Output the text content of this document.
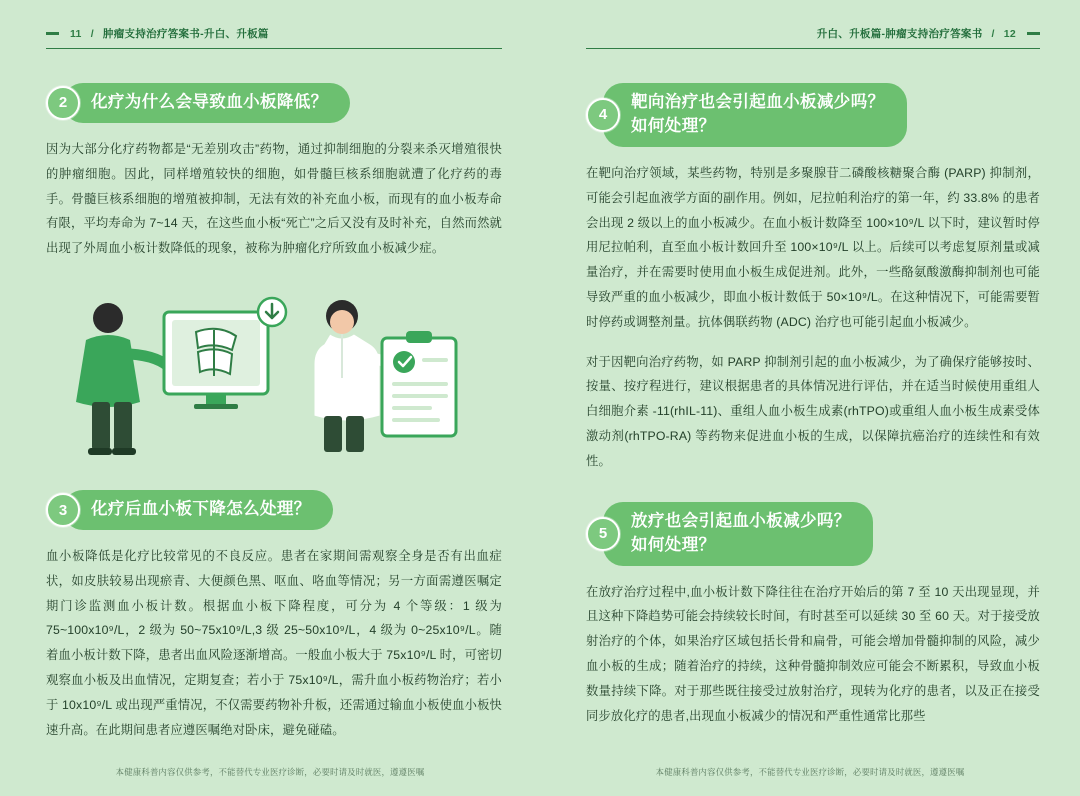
11 / 肿瘤支持治疗答案书-升白、升板篇
2	化疗为什么会导致血小板降低？

因为大部分化疗药物都是“无差别攻击”药物，通过抑制细胞的分裂来杀灭增殖很快的肿瘤细胞。因此，同样增殖较快的细胞，如骨髓巨核系细胞就遭了化疗药的毒手。骨髓巨核系细胞的增殖被抑制，无法有效的补充血小板，而现有的血小板寿命有限，平均寿命为 7~14 天，在这些血小板“死亡”之后又没有及时补充，自然而然就出现了外周血小板计数降低的现象，被称为肿瘤化疗所致血小板减少症。

3	化疗后血小板下降怎么处理？

血小板降低是化疗比较常见的不良反应。患者在家期间需观察全身是否有出血症状，如皮肤较易出现瘀青、大便颜色黑、呕血、咯血等情况；另一方面需遵医嘱定期门诊监测血小板计数。根据血小板下降程度，可分为 4 个等级：1 级为 75~100x10⁹/L，2 级为 50~75x10⁹/L,3 级 25~50x10⁹/L，4 级为 0~25x10⁹/L。随着血小板计数下降，患者出血风险逐渐增高。一般血小板大于 75x10⁹/L 时，可密切观察血小板及出血情况，定期复查；若小于 75x10⁹/L，需升血小板药物治疗；若小于 10x10⁹/L 或出现严重情况，不仅需要药物补升板，还需通过输血小板使血小板快速升高。在此期间患者应遵医嘱绝对卧床，避免碰磕。

本健康科普内容仅供参考，不能替代专业医疗诊断，必要时请及时就医，遵遵医嘱
升白、升板篇-肿瘤支持治疗答案书 / 12
4
靶向治疗也会引起血小板减少吗？
如何处理？

在靶向治疗领域，某些药物，特别是多聚腺苷二磷酸核糖聚合酶 (PARP) 抑制剂，可能会引起血液学方面的副作用。例如，尼拉帕利治疗的第一年，约 33.8% 的患者会出现 2 级以上的血小板减少。在血小板计数降至 100×10⁹/L 以下时，建议暂时停用尼拉帕利，直至血小板计数回升至 100×10⁹/L 以上。后续可以考虑复原剂量或减量治疗，并在需要时使用血小板生成促进剂。此外，一些酪氨酸激酶抑制剂也可能导致严重的血小板减少，即血小板计数低于 50×10⁹/L。在这种情况下，可能需要暂时停药或调整剂量。抗体偶联药物 (ADC) 治疗也可能引起血小板减少。

对于因靶向治疗药物，如 PARP 抑制剂引起的血小板减少，为了确保疗能够按时、按量、按疗程进行，建议根据患者的具体情况进行评估，并在适当时候使用重组人白细胞介素 -11(rhIL-11)、重组人血小板生成素(rhTPO)或重组人血小板生成素受体激动剂(rhTPO-RA) 等药物来促进血小板的生成，以保障抗癌治疗的连续性和有效性。

5
放疗也会引起血小板减少吗？
如何处理？

在放疗治疗过程中,血小板计数下降往往在治疗开始后的第 7 至 10 天出现显现，并且这种下降趋势可能会持续较长时间，有时甚至可以延续 30 至 60 天。对于接受放射治疗的个体，如果治疗区域包括长骨和扁骨，可能会增加骨髓抑制的风险，减少血小板的生成；随着治疗的持续，这种骨髓抑制效应可能会不断累积，导致血小板数量持续下降。对于那些既往接受过放射治疗，现转为化疗的患者，以及正在接受同步放化疗的患者,出现血小板减少的情况和严重性通常比那些

本健康科普内容仅供参考，不能替代专业医疗诊断，必要时请及时就医，遵遵医嘱
